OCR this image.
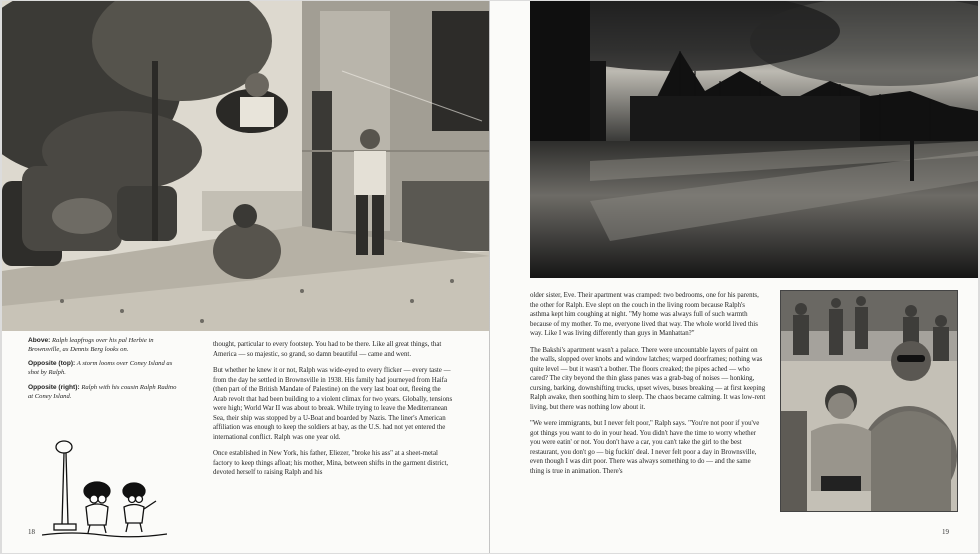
Above: Ralph leapfrogs over his pal Herbie in Brownsville, as Dennis Berg looks on.

Opposite (top): A storm looms over Coney Island as shot by Ralph.

Opposite (right): Ralph with his cousin Ralph Radino at Coney Island.

thought, particular to every footstep. You had to be there. Like all great things, that America — so majestic, so grand, so damn beautiful — came and went.

But whether he knew it or not, Ralph was wide-eyed to every flicker — every taste — from the day he settled in Brownsville in 1938. His family had journeyed from Haifa (then part of the British Mandate of Palestine) on the very last boat out, fleeing the Arab revolt that had been building to a violent climax for two years. Globally, tensions were high; World War II was about to break. While trying to leave the Mediterranean Sea, their ship was stopped by a U-Boat and boarded by Nazis. The liner's American affiliation was enough to keep the soldiers at bay, as the U.S. had not yet entered the international conflict. Ralph was one year old.

Once established in New York, his father, Eliezer, "broke his ass" at a sheet-metal factory to keep things afloat; his mother, Mina, between shifts in the garment district, devoted herself to raising Ralph and his

18

older sister, Eve. Their apartment was cramped: two bedrooms, one for his parents, the other for Ralph. Eve slept on the couch in the living room because Ralph's asthma kept him coughing at night. "My home was always full of such warmth because of my mother. To me, everyone lived that way. The whole world lived this way. Like I was living differently than guys in Manhattan?"

The Bakshi's apartment wasn't a palace. There were uncountable layers of paint on the walls, slopped over knobs and window latches; warped doorframes; nothing was quite level — but it wasn't a bother. The floors creaked; the pipes ached — who cared? The city beyond the thin glass panes was a grab-bag of noises — honking, cursing, barking, downshifting trucks, upset wives, buses breaking — at first keeping Ralph awake, then soothing him to sleep. The chaos became calming. It was low-rent living, but there was nothing low about it.

"We were immigrants, but I never felt poor," Ralph says. "You're not poor if you've got things you want to do in your head. You didn't have the time to worry whether you were eatin' or not. You don't have a car, you can't take the girl to the best restaurant, you don't go — big fuckin' deal. I never felt poor a day in Brownsville, even though I was dirt poor. There was always something to do — and the same thing is true in animation. There's

19
